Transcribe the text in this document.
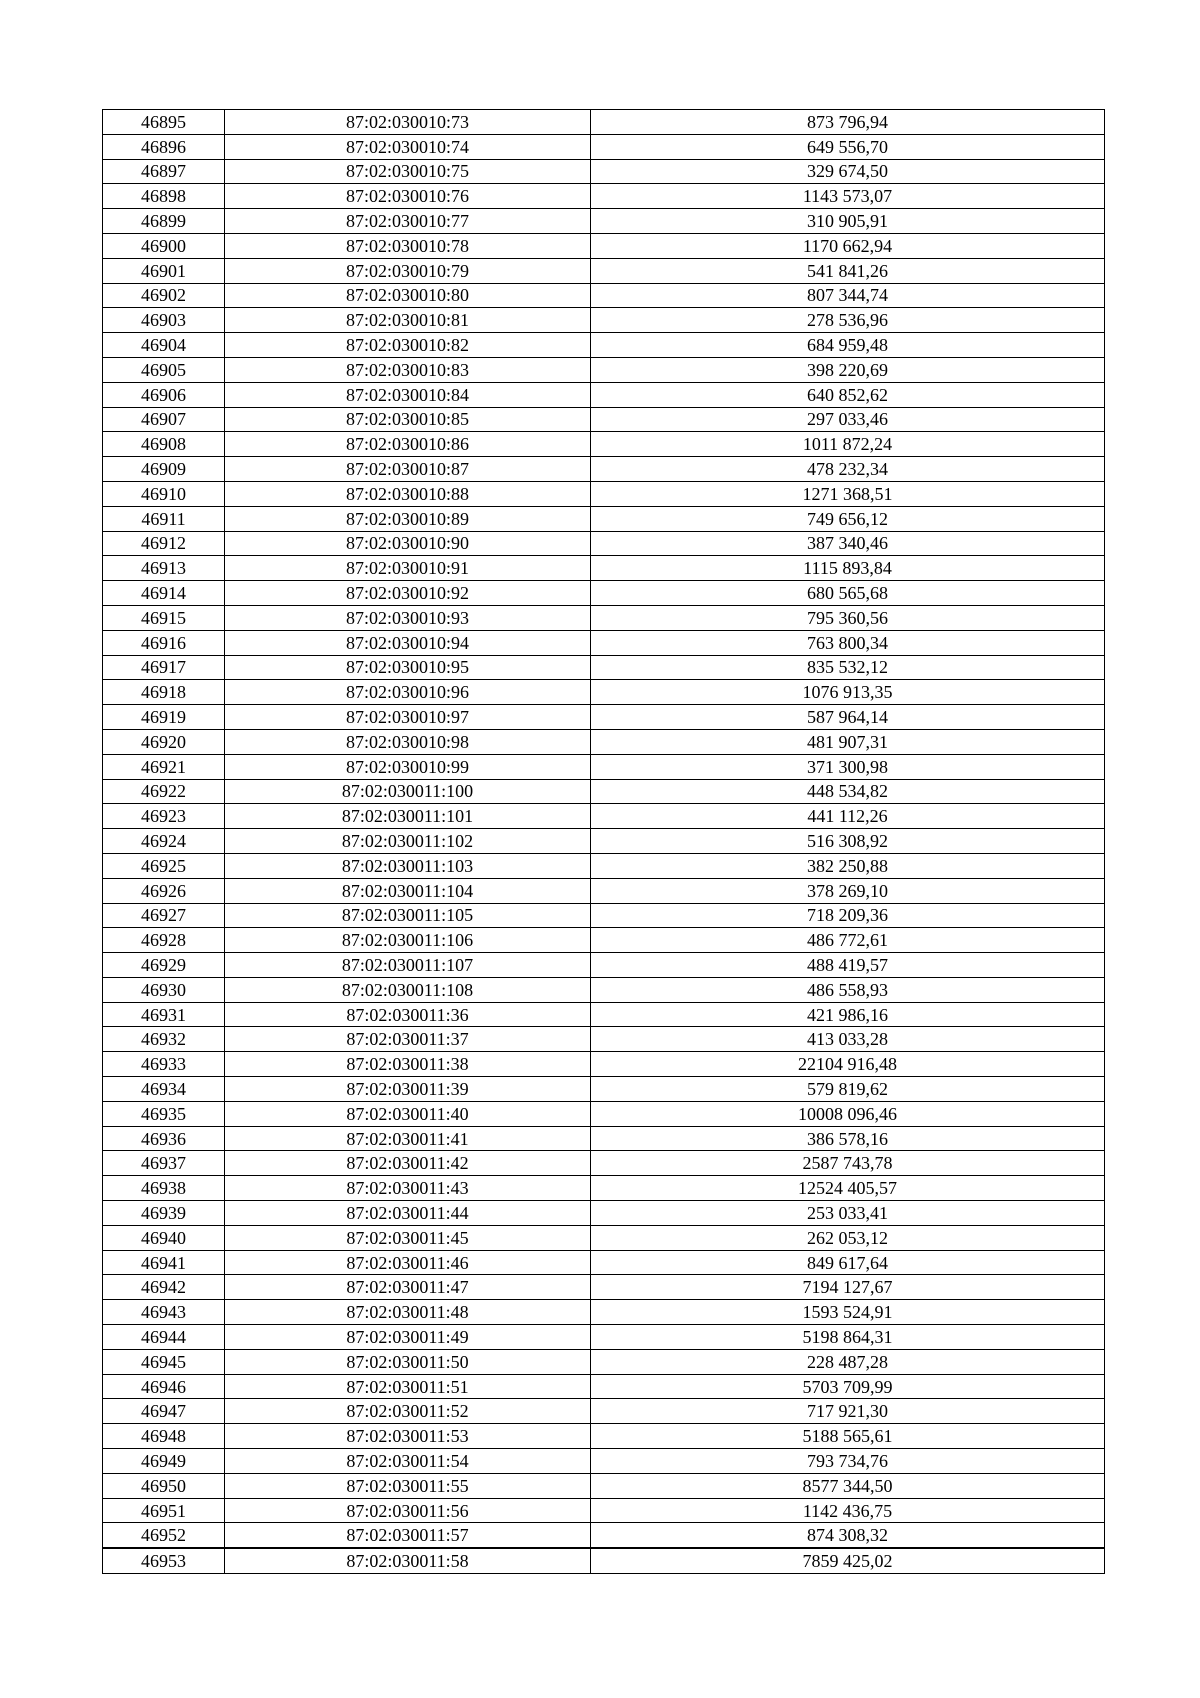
46895	87:02:030010:73	873 796,94
46896	87:02:030010:74	649 556,70
46897	87:02:030010:75	329 674,50
46898	87:02:030010:76	1143 573,07
46899	87:02:030010:77	310 905,91
46900	87:02:030010:78	1170 662,94
46901	87:02:030010:79	541 841,26
46902	87:02:030010:80	807 344,74
46903	87:02:030010:81	278 536,96
46904	87:02:030010:82	684 959,48
46905	87:02:030010:83	398 220,69
46906	87:02:030010:84	640 852,62
46907	87:02:030010:85	297 033,46
46908	87:02:030010:86	1011 872,24
46909	87:02:030010:87	478 232,34
46910	87:02:030010:88	1271 368,51
46911	87:02:030010:89	749 656,12
46912	87:02:030010:90	387 340,46
46913	87:02:030010:91	1115 893,84
46914	87:02:030010:92	680 565,68
46915	87:02:030010:93	795 360,56
46916	87:02:030010:94	763 800,34
46917	87:02:030010:95	835 532,12
46918	87:02:030010:96	1076 913,35
46919	87:02:030010:97	587 964,14
46920	87:02:030010:98	481 907,31
46921	87:02:030010:99	371 300,98
46922	87:02:030011:100	448 534,82
46923	87:02:030011:101	441 112,26
46924	87:02:030011:102	516 308,92
46925	87:02:030011:103	382 250,88
46926	87:02:030011:104	378 269,10
46927	87:02:030011:105	718 209,36
46928	87:02:030011:106	486 772,61
46929	87:02:030011:107	488 419,57
46930	87:02:030011:108	486 558,93
46931	87:02:030011:36	421 986,16
46932	87:02:030011:37	413 033,28
46933	87:02:030011:38	22104 916,48
46934	87:02:030011:39	579 819,62
46935	87:02:030011:40	10008 096,46
46936	87:02:030011:41	386 578,16
46937	87:02:030011:42	2587 743,78
46938	87:02:030011:43	12524 405,57
46939	87:02:030011:44	253 033,41
46940	87:02:030011:45	262 053,12
46941	87:02:030011:46	849 617,64
46942	87:02:030011:47	7194 127,67
46943	87:02:030011:48	1593 524,91
46944	87:02:030011:49	5198 864,31
46945	87:02:030011:50	228 487,28
46946	87:02:030011:51	5703 709,99
46947	87:02:030011:52	717 921,30
46948	87:02:030011:53	5188 565,61
46949	87:02:030011:54	793 734,76
46950	87:02:030011:55	8577 344,50
46951	87:02:030011:56	1142 436,75
46952	87:02:030011:57	874 308,32
46953	87:02:030011:58	7859 425,02
